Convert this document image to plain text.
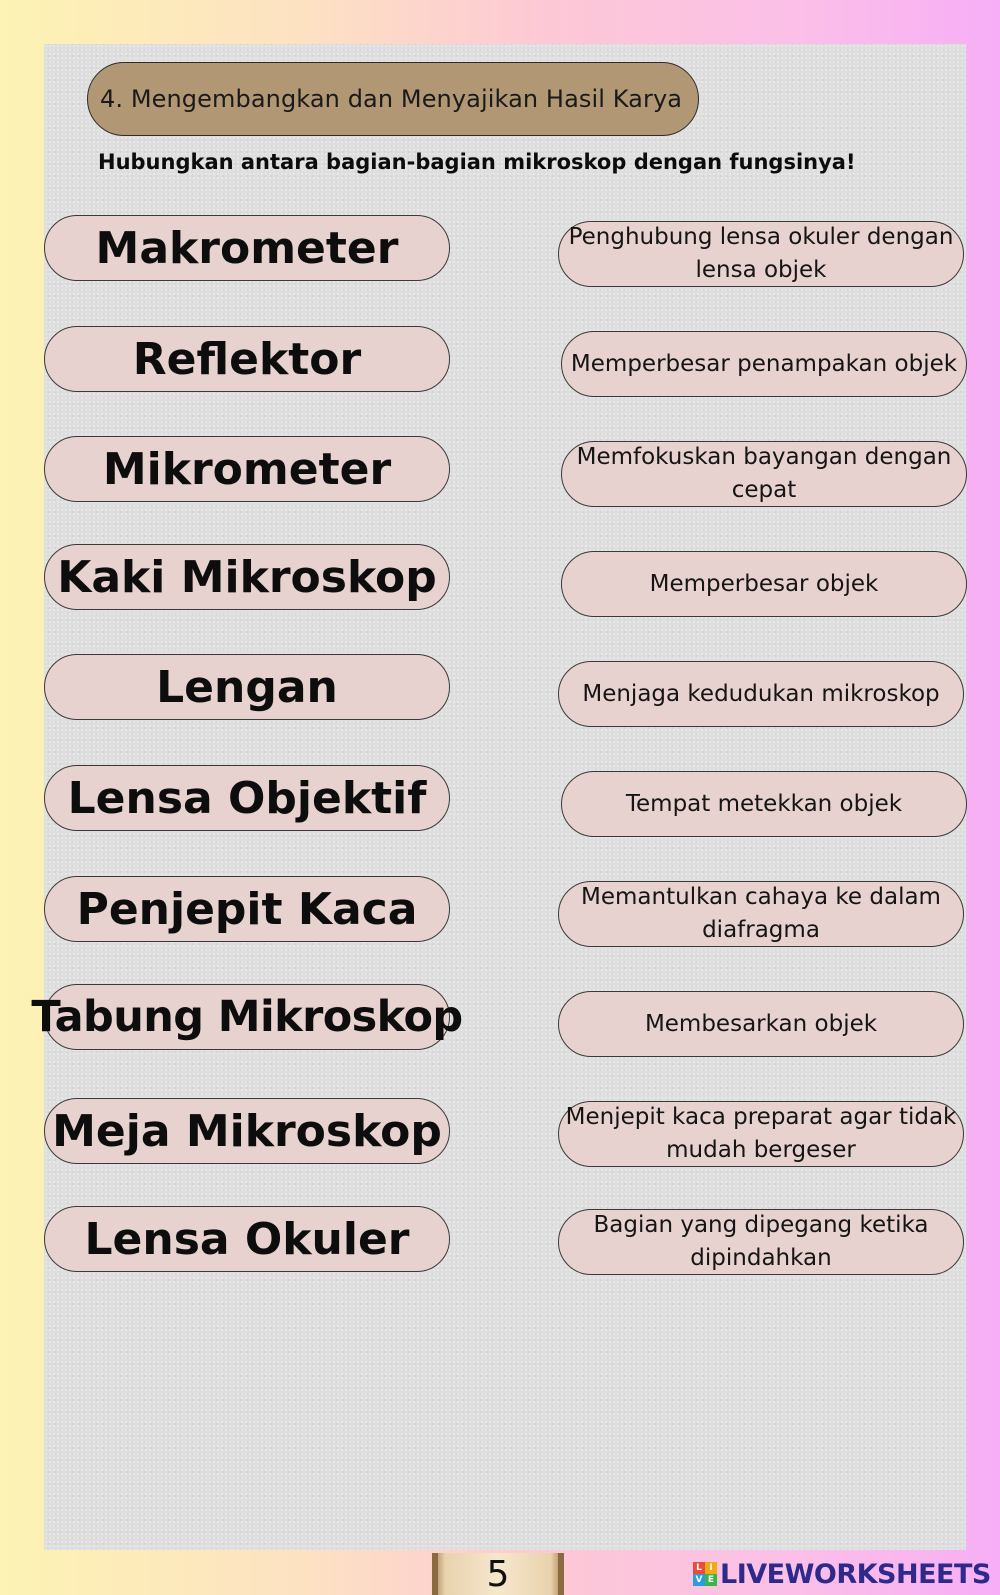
4. Mengembangkan dan Menyajikan Hasil Karya
Hubungkan antara bagian-bagian mikroskop dengan fungsinya!
Makrometer
Reflektor
Mikrometer
Kaki Mikroskop
Lengan
Lensa Objektif
Penjepit Kaca
Tabung Mikroskop
Meja Mikroskop
Lensa Okuler
Penghubung lensa okuler dengan lensa objek
Memperbesar penampakan objek
Memfokuskan bayangan dengan cepat
Memperbesar objek
Menjaga kedudukan mikroskop
Tempat metekkan objek
Memantulkan cahaya ke dalam diafragma
Membesarkan objek
Menjepit kaca preparat agar tidak mudah bergeser
Bagian yang dipegang ketika dipindahkan
5	L I
V E LIVEWORKSHEETS
